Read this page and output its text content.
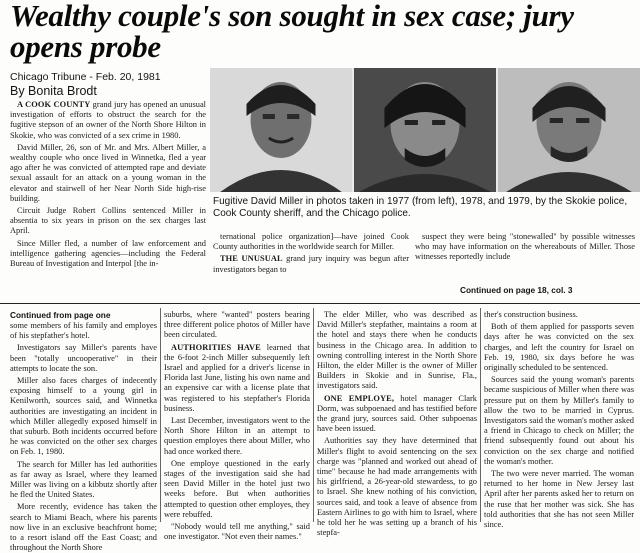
Wealthy couple's son sought in sex case; jury opens probe
Chicago Tribune - Feb. 20, 1981
By Bonita Brodt

A COOK COUNTY grand jury has opened an unusual investigation of efforts to obstruct the search for the fugitive stepson of an owner of the North Shore Hilton in Skokie, who was convicted of a sex crime in 1980.

David Miller, 26, son of Mr. and Mrs. Albert Miller, a wealthy couple who once lived in Winnetka, fled a year ago after he was convicted of attempted rape and deviate sexual assault for an attack on a young woman in the elevator and stairwell of her Near North Side high-rise building.

Circuit Judge Robert Collins sentenced Miller in absentia to six years in prison on the sex charges last April.

Since Miller fled, a number of law enforcement and intelligence gathering agencies—including the Federal Bureau of Investigation and Interpol [the in-

Fugitive David Miller in photos taken in 1977 (from left), 1978, and 1979, by the Skokie police, Cook County sheriff, and the Chicago police.

ternational police organization]—have joined Cook County authorities in the worldwide search for Miller.

THE UNUSUAL grand jury inquiry was begun after investigators began to

suspect they were being "stonewalled" by possible witnesses who may have information on the whereabouts of Miller. Those witnesses reportedly include

Continued on page 18, col. 3
Continued from page one

some members of his family and employes of his stepfather's hotel.

Investigators say Miller's parents have been "totally uncooperative" in their attempts to locate the son.

Miller also faces charges of indecently exposing himself to a young girl in Kenilworth, sources said, and Winnetka authorities are investigating an incident in which Miller allegedly exposed himself in that suburb. Both incidents occurred before he was convicted on the other sex charges on Feb. 1, 1980.

The search for Miller has led authorities as far away as Israel, where they learned Miller was living on a kibbutz shortly after he fled the United States.

More recently, evidence has taken the search to Miami Beach, where his parents now live in an exclusive beachfront home; to a resort island off the East Coast; and throughout the North Shore

suburbs, where "wanted" posters bearing three different police photos of Miller have been circulated.

AUTHORITIES HAVE learned that the 6-foot 2-inch Miller subsequently left Israel and applied for a driver's license in Florida last June, listing his own name and an expensive car with a license plate that was registered to his stepfather's Florida business.

Last December, investigators went to the North Shore Hilton in an attempt to question employes there about Miller, who had once worked there.

One employe questioned in the early stages of the investigation said she had seen David Miller in the hotel just two weeks before. But when authorities attempted to question other employes, they were rebuffed.

"Nobody would tell me anything," said one investigator. "Not even their names."

The elder Miller, who was described as David Miller's stepfather, maintains a room at the hotel and stays there when he conducts business in the Chicago area. In addition to owning controlling interest in the North Shore Hilton, the elder Miller is the owner of Miller Builders in Skokie and in Sunrise, Fla., investigators said.

ONE EMPLOYE, hotel manager Clark Dorm, was subpoenaed and has testified before the grand jury, sources said. Other subpoenas have been issued.

Authorities say they have determined that Miller's flight to avoid sentencing on the sex charge was "planned and worked out ahead of time" because he had made arrangements with his girlfriend, a 26-year-old stewardess, to go to Israel. She knew nothing of his conviction, sources said, and took a leave of absence from Eastern Airlines to go with him to Israel, where he told her he was setting up a branch of his stepfa-

ther's construction business.

Both of them applied for passports seven days after he was convicted on the sex charges, and left the country for Israel on Feb. 19, 1980, six days before he was originally scheduled to be sentenced.

Sources said the young woman's parents became suspicious of Miller when there was pressure put on them by Miller's family to allow the two to be married in Cyprus. Investigators said the woman's mother asked a friend in Chicago to check on Miller; the friend subsequently found out about his conviction on the sex charge and notified the woman's mother.

The two were never married. The woman returned to her home in New Jersey last April after her parents asked her to return on the ruse that her mother was sick. She has told authorities that she has not seen Miller since.
